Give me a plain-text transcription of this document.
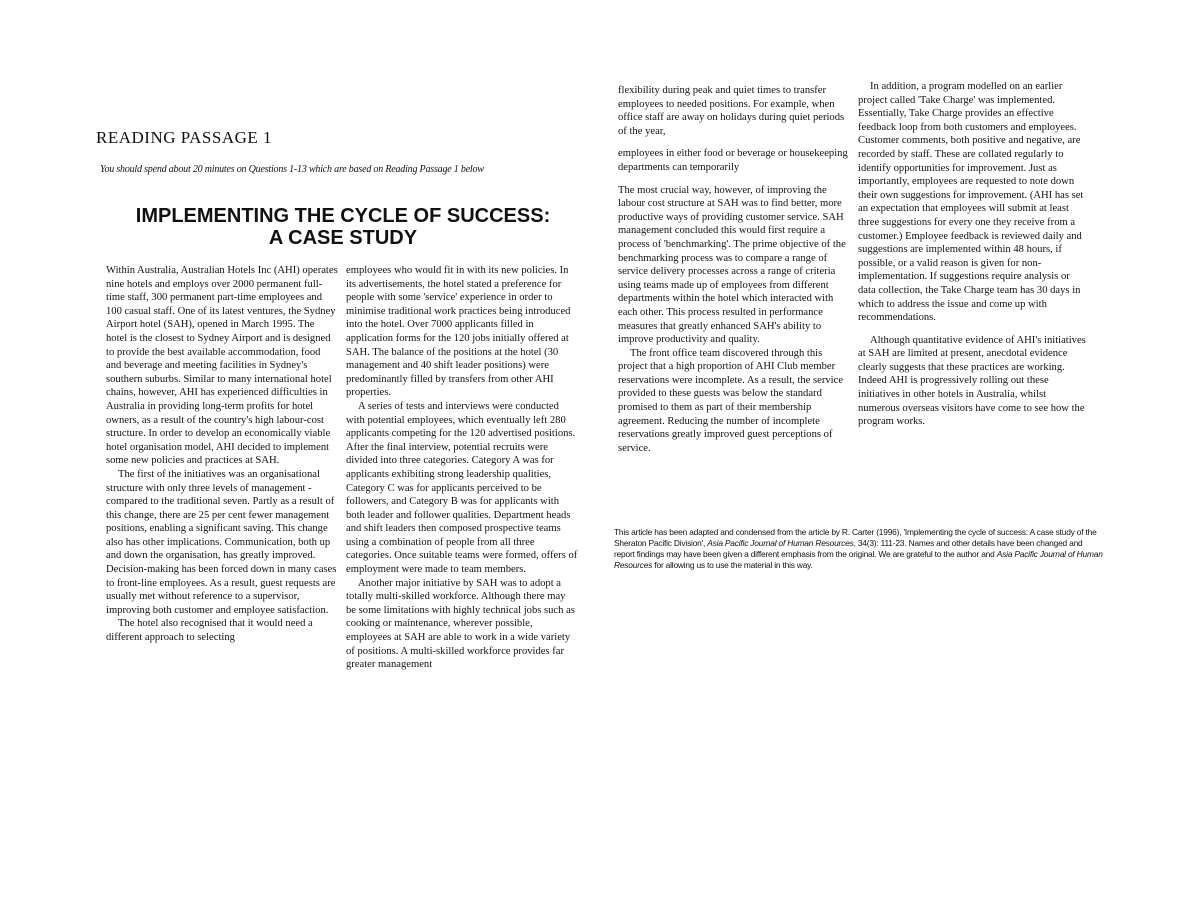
READING PASSAGE 1

You should spend about 20 minutes on Questions 1-13 which are based on Reading Passage 1 below

IMPLEMENTING THE CYCLE OF SUCCESS:
A CASE STUDY

Within Australia, Australian Hotels Inc (AHI) operates nine hotels and employs over 2000 permanent full-time staff, 300 permanent part-time employees and 100 casual staff. One of its latest ventures, the Sydney Airport hotel (SAH), opened in March 1995. The hotel is the closest to Sydney Airport and is designed to provide the best available accommodation, food and beverage and meeting facilities in Sydney's southern suburbs. Similar to many international hotel chains, however, AHI has experienced difficulties in Australia in providing long-term profits for hotel owners, as a result of the country's high labour-cost structure. In order to develop an economically viable hotel organisation model, AHI decided to implement some new policies and practices at SAH.

The first of the initiatives was an organisational structure with only three levels of management - compared to the traditional seven. Partly as a result of this change, there are 25 per cent fewer management positions, enabling a significant saving. This change also has other implications. Communication, both up and down the organisation, has greatly improved. Decision-making has been forced down in many cases to front-line employees. As a result, guest requests are usually met without reference to a supervisor, improving both customer and employee satisfaction.

The hotel also recognised that it would need a different approach to selecting

employees who would fit in with its new policies. In its advertisements, the hotel stated a preference for people with some 'service' experience in order to minimise traditional work practices being introduced into the hotel. Over 7000 applicants filled in application forms for the 120 jobs initially offered at SAH. The balance of the positions at the hotel (30 management and 40 shift leader positions) were predominantly filled by transfers from other AHI properties.

A series of tests and interviews were conducted with potential employees, which eventually left 280 applicants competing for the 120 advertised positions. After the final interview, potential recruits were divided into three categories. Category A was for applicants exhibiting strong leadership qualities, Category C was for applicants perceived to be followers, and Category B was for applicants with both leader and follower qualities. Department heads and shift leaders then composed prospective teams using a combination of people from all three categories. Once suitable teams were formed, offers of employment were made to team members.

Another major initiative by SAH was to adopt a totally multi-skilled workforce. Although there may be some limitations with highly technical jobs such as cooking or maintenance, wherever possible, employees at SAH are able to work in a wide variety of positions. A multi-skilled workforce provides far greater management

flexibility during peak and quiet times to transfer employees to needed positions. For example, when office staff are away on holidays during quiet periods of the year,

employees in either food or beverage or housekeeping departments can temporarily

The most crucial way, however, of improving the labour cost structure at SAH was to find better, more productive ways of providing customer service. SAH management concluded this would first require a process of 'benchmarking'. The prime objective of the benchmarking process was to compare a range of service delivery processes across a range of criteria using teams made up of employees from different departments within the hotel which interacted with each other. This process resulted in performance measures that greatly enhanced SAH's ability to improve productivity and quality.

The front office team discovered through this project that a high proportion of AHI Club member reservations were incomplete. As a result, the service provided to these guests was below the standard promised to them as part of their membership agreement. Reducing the number of incomplete reservations greatly improved guest perceptions of service.

In addition, a program modelled on an earlier project called 'Take Charge' was implemented. Essentially, Take Charge provides an effective feedback loop from both customers and employees. Customer comments, both positive and negative, are recorded by staff. These are collated regularly to identify opportunities for improvement. Just as importantly, employees are requested to note down their own suggestions for improvement. (AHI has set an expectation that employees will submit at least three suggestions for every one they receive from a customer.) Employee feedback is reviewed daily and suggestions are implemented within 48 hours, if possible, or a valid reason is given for non-implementation. If suggestions require analysis or data collection, the Take Charge team has 30 days in which to address the issue and come up with recommendations.

Although quantitative evidence of AHI's initiatives at SAH are limited at present, anecdotal evidence clearly suggests that these practices are working. Indeed AHI is progressively rolling out these initiatives in other hotels in Australia, whilst numerous overseas visitors have come to see how the program works.

This article has been adapted and condensed from the article by R. Carter (1996), 'Implementing the cycle of success: A case study of the Sheraton Pacific Division', Asia Pacific Journal of Human Resources, 34(3): 111-23. Names and other details have been changed and report findings may have been given a different emphasis from the original. We are grateful to the author and Asia Pacific Journal of Human Resources for allowing us to use the material in this way.
